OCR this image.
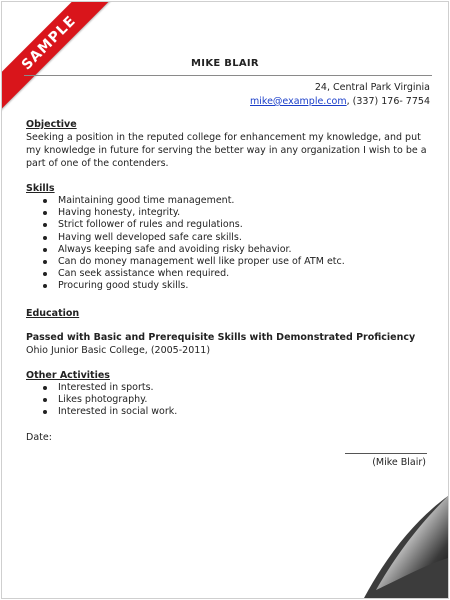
SAMPLE	MIKE BLAIR
24, Central Park Virginia
mike@example.com, (337) 176- 7754
Objective
Seeking a position in the reputed college for enhancement my knowledge, and put my knowledge in future for serving the better way in any organization I wish to be a part of one of the contenders.
Skills
Maintaining good time management.
Having honesty, integrity.
Strict follower of rules and regulations.
Having well developed safe care skills.
Always keeping safe and avoiding risky behavior.
Can do money management well like proper use of ATM etc.
Can seek assistance when required.
Procuring good study skills.
Education
Passed with Basic and Prerequisite Skills with Demonstrated Proficiency
Ohio Junior Basic College, (2005-2011)
Other Activities
Interested in sports.
Likes photography.
Interested in social work.
Date:
(Mike Blair)
